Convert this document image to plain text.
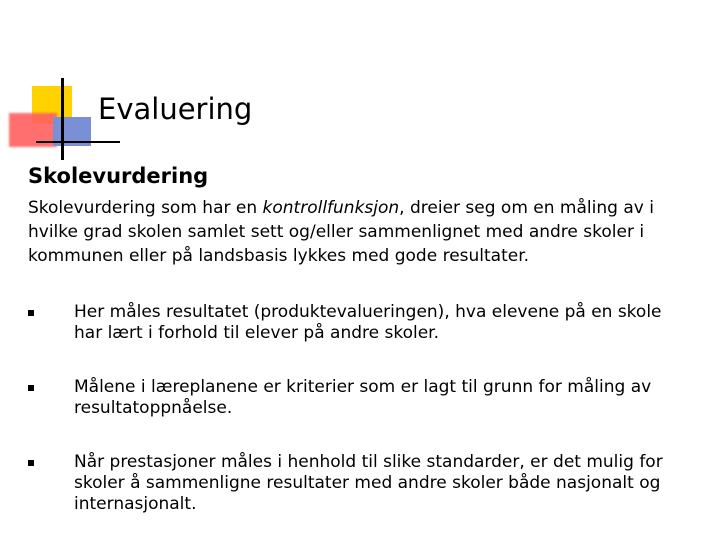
Evaluering
Skolevurdering

Skolevurdering som har en kontrollfunksjon, dreier seg om en måling av i hvilke grad skolen samlet sett og/eller sammenlignet med andre skoler i kommunen eller på landsbasis lykkes med gode resultater.

Her måles resultatet (produktevalueringen), hva elevene på en skole har lært i forhold til elever på andre skoler.
Målene i læreplanene er kriterier som er lagt til grunn for måling av resultatoppnåelse.
Når prestasjoner måles i henhold til slike standarder, er det mulig for skoler å sammenligne resultater med andre skoler både nasjonalt og internasjonalt.
